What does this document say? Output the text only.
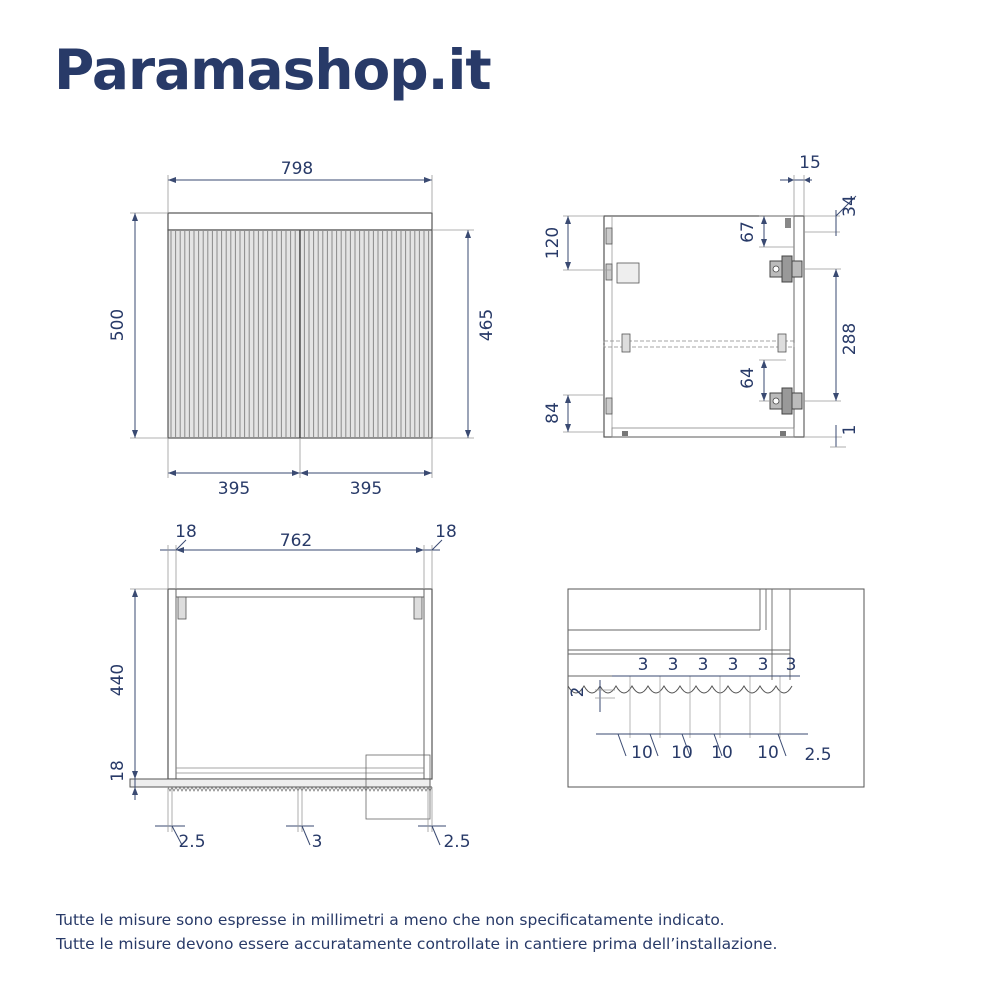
Paramashop.it
798
500	465
395	395
120
84
15
34
67
288
64
1
18	762	18
440
18
2.5	3	2.5
3 3 3 3 3 3
2
10 10 10 10 2.5
Tutte le misure sono espresse in millimetri a meno che non specificatamente indicato.
Tutte le misure devono essere accuratamente controllate in cantiere prima dell’installazione.
